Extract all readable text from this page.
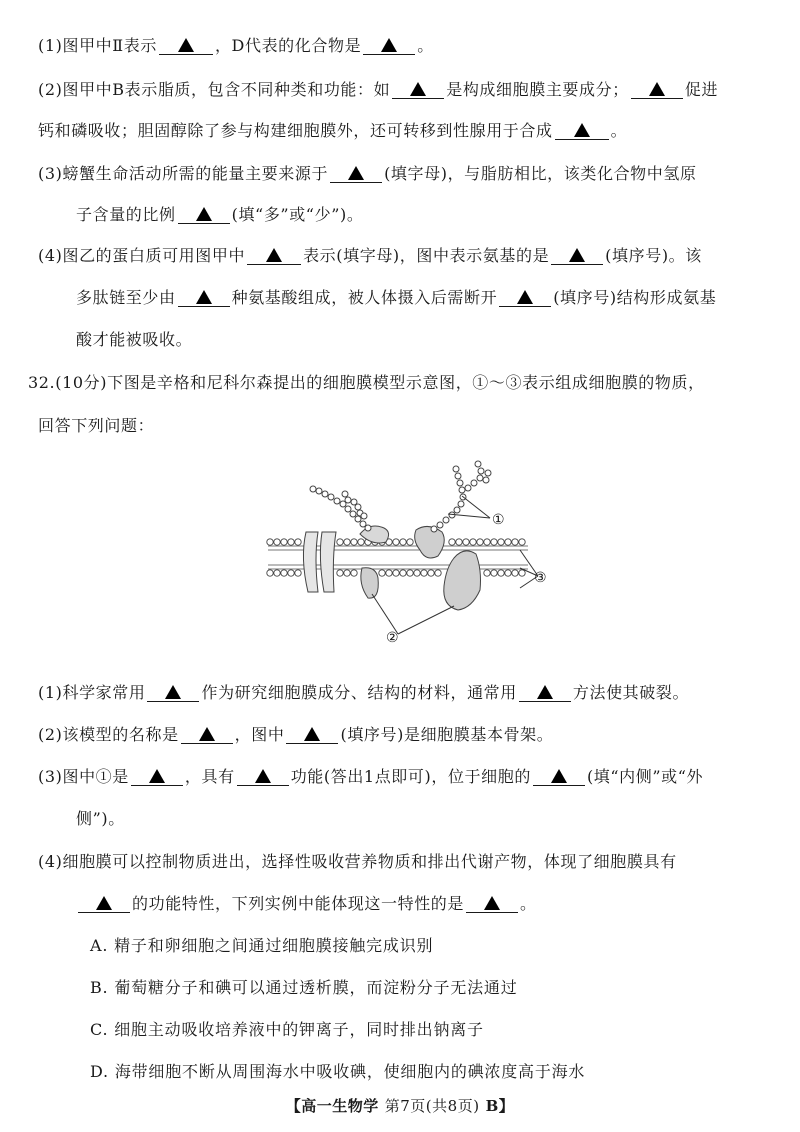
(1)图甲中Ⅱ表示	，D代表的化合物是	。
(2)图甲中B表示脂质，包含不同种类和功能：如	是构成细胞膜主要成分；	促进
钙和磷吸收；胆固醇除了参与构建细胞膜外，还可转移到性腺用于合成	。
(3)螃蟹生命活动所需的能量主要来源于	(填字母)，与脂肪相比，该类化合物中氢原
子含量的比例	(填“多”或“少”)。
(4)图乙的蛋白质可用图甲中	表示(填字母)，图中表示氨基的是	(填序号)。该
多肽链至少由	种氨基酸组成，被人体摄入后需断开	(填序号)结构形成氨基
酸才能被吸收。
32.(10分)下图是辛格和尼科尔森提出的细胞膜模型示意图，①～③表示组成细胞膜的物质，
回答下列问题：
①
③
②
(1)科学家常用	作为研究细胞膜成分、结构的材料，通常用	方法使其破裂。
(2)该模型的名称是	，图中	(填序号)是细胞膜基本骨架。
(3)图中①是	，具有	功能(答出1点即可)，位于细胞的	(填“内侧”或“外
侧”)。
(4)细胞膜可以控制物质进出，选择性吸收营养物质和排出代谢产物，体现了细胞膜具有
的功能特性，下列实例中能体现这一特性的是	。
A. 精子和卵细胞之间通过细胞膜接触完成识别
B. 葡萄糖分子和碘可以通过透析膜，而淀粉分子无法通过
C. 细胞主动吸收培养液中的钾离子，同时排出钠离子
D. 海带细胞不断从周围海水中吸收碘，使细胞内的碘浓度高于海水
【高一生物学 第7页(共8页) B】
